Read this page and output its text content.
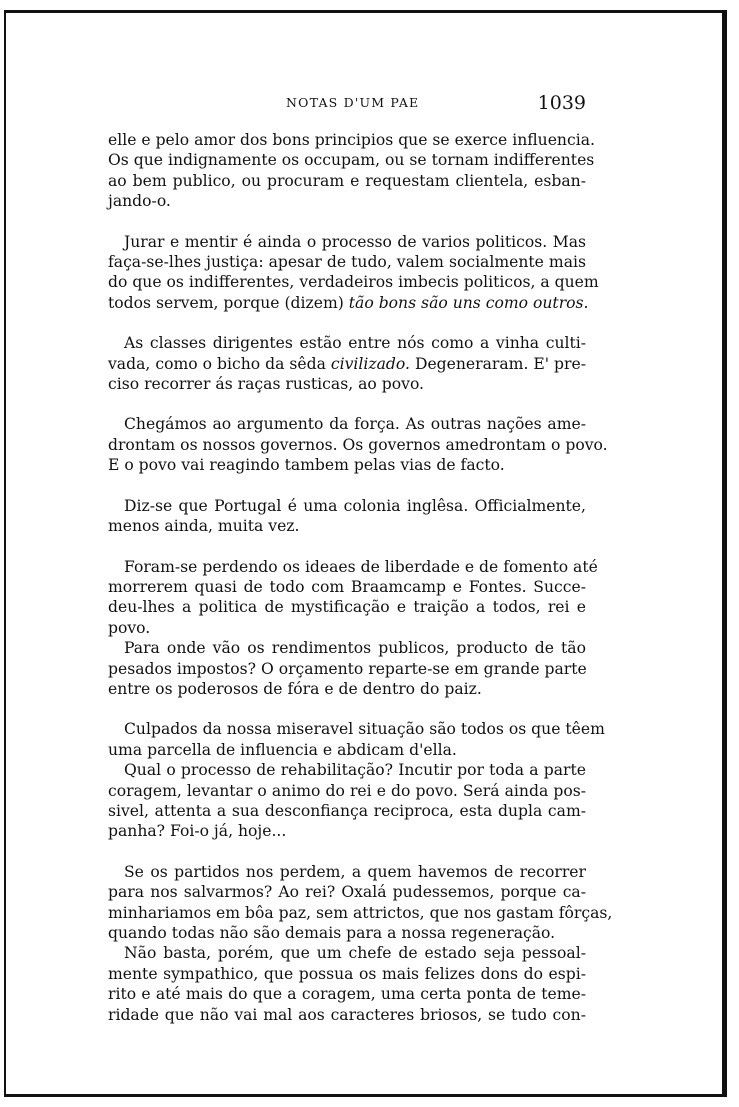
NOTAS D'UM PAE	1039

elle e pelo amor dos bons principios que se exerce influencia.
Os que indignamente os occupam, ou se tornam indifferentes
ao bem publico, ou procuram e requestam clientela, esban-
jando-o.

Jurar e mentir é ainda o processo de varios politicos. Mas
faça-se-lhes justiça: apesar de tudo, valem socialmente mais
do que os indifferentes, verdadeiros imbecis politicos, a quem
todos servem, porque (dizem) tão bons são uns como outros.

As classes dirigentes estão entre nós como a vinha culti-
vada, como o bicho da sêda civilizado. Degeneraram. E' pre-
ciso recorrer ás raças rusticas, ao povo.

Chegámos ao argumento da força. As outras nações ame-
drontam os nossos governos. Os governos amedrontam o povo.
E o povo vai reagindo tambem pelas vias de facto.

Diz-se que Portugal é uma colonia inglêsa. Officialmente,
menos ainda, muita vez.

Foram-se perdendo os ideaes de liberdade e de fomento até
morrerem quasi de todo com Braamcamp e Fontes. Succe-
deu-lhes a politica de mystificação e traição a todos, rei e
povo.

Para onde vão os rendimentos publicos, producto de tão
pesados impostos? O orçamento reparte-se em grande parte
entre os poderosos de fóra e de dentro do paiz.

Culpados da nossa miseravel situação são todos os que têem
uma parcella de influencia e abdicam d'ella.

Qual o processo de rehabilitação? Incutir por toda a parte
coragem, levantar o animo do rei e do povo. Será ainda pos-
sivel, attenta a sua desconfiança reciproca, esta dupla cam-
panha? Foi-o já, hoje...

Se os partidos nos perdem, a quem havemos de recorrer
para nos salvarmos? Ao rei? Oxalá pudessemos, porque ca-
minhariamos em bôa paz, sem attrictos, que nos gastam fôrças,
quando todas não são demais para a nossa regeneração.

Não basta, porém, que um chefe de estado seja pessoal-
mente sympathico, que possua os mais felizes dons do espi-
rito e até mais do que a coragem, uma certa ponta de teme-
ridade que não vai mal aos caracteres briosos, se tudo con-
